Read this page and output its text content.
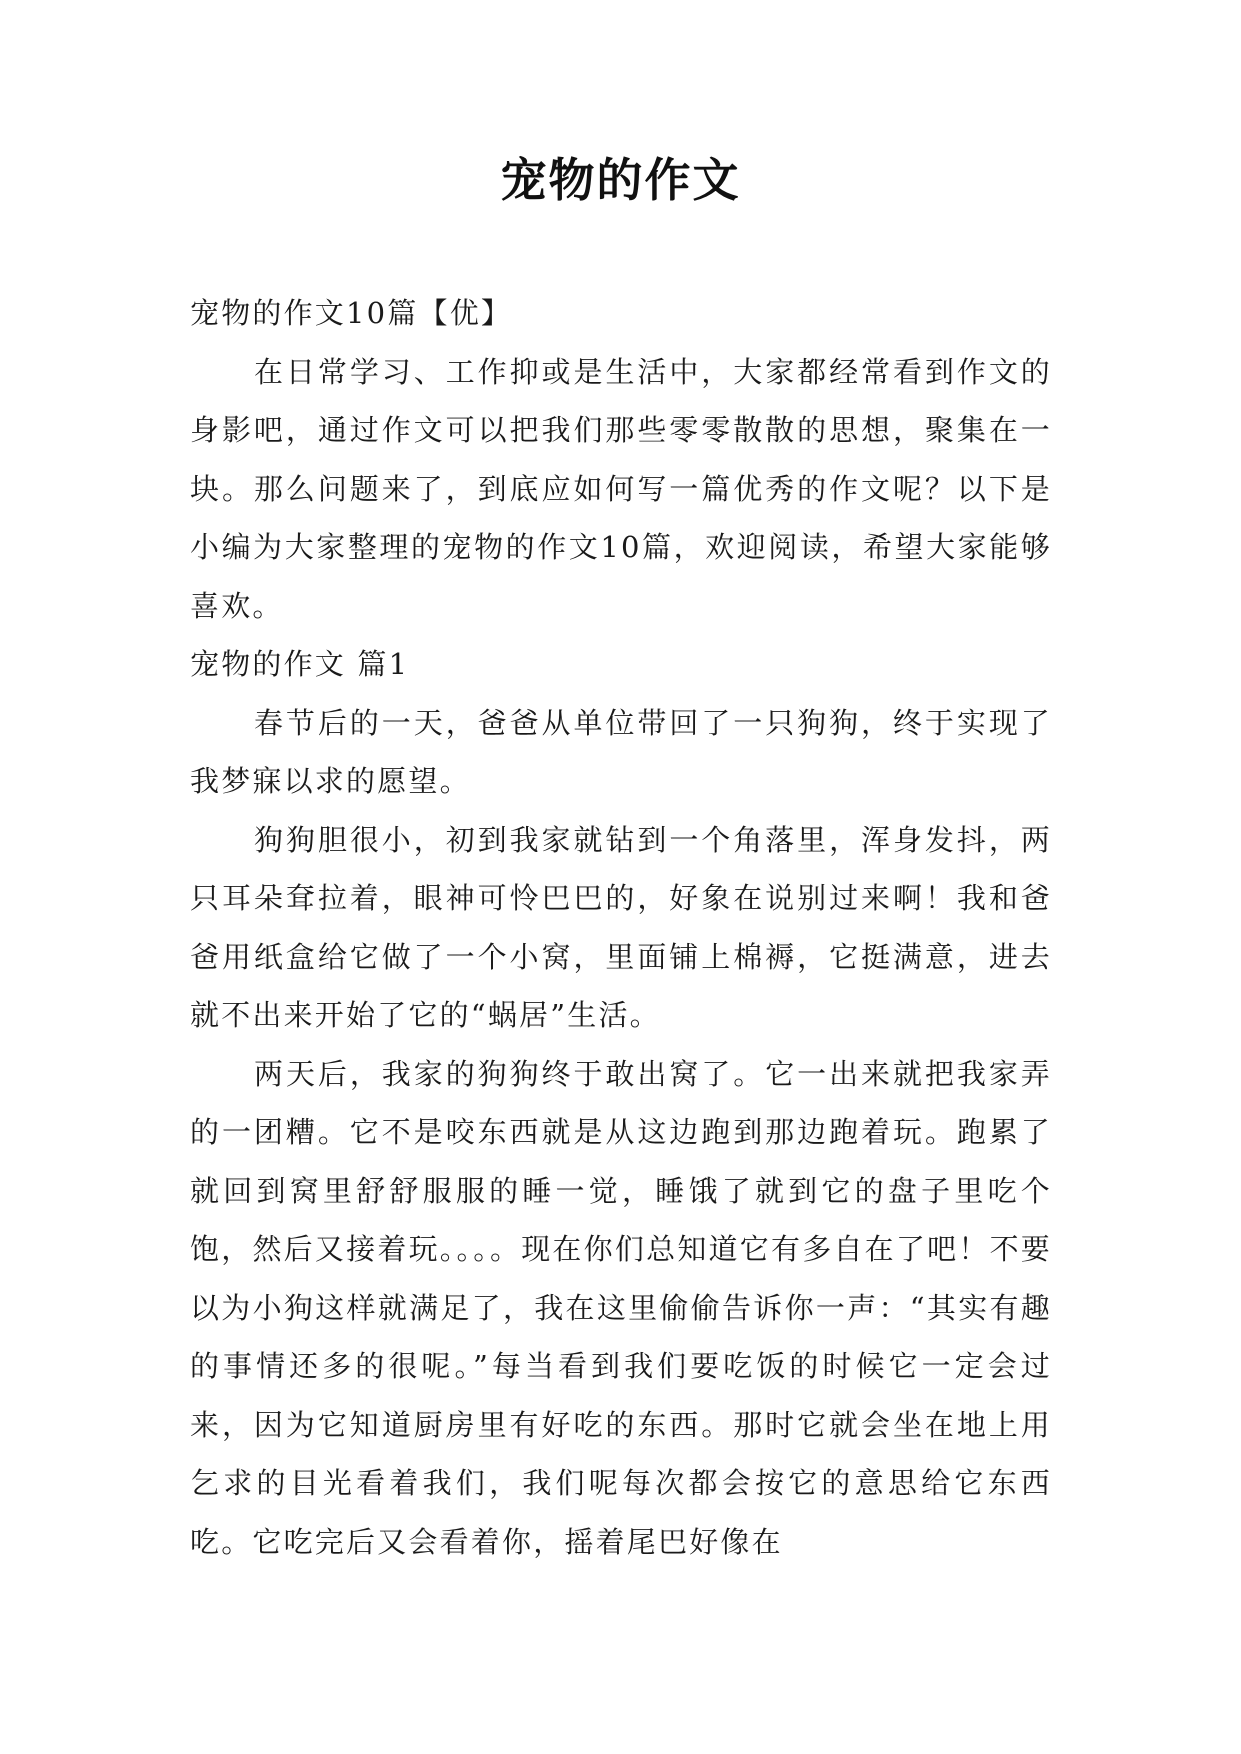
宠物的作文

宠物的作文10篇【优】

在日常学习、工作抑或是生活中，大家都经常看到作文的身影吧，通过作文可以把我们那些零零散散的思想，聚集在一块。那么问题来了，到底应如何写一篇优秀的作文呢？以下是小编为大家整理的宠物的作文10篇，欢迎阅读，希望大家能够喜欢。

宠物的作文 篇1

春节后的一天，爸爸从单位带回了一只狗狗，终于实现了我梦寐以求的愿望。

狗狗胆很小，初到我家就钻到一个角落里，浑身发抖，两只耳朵耷拉着，眼神可怜巴巴的，好象在说别过来啊！我和爸爸用纸盒给它做了一个小窝，里面铺上棉褥，它挺满意，进去就不出来开始了它的“蜗居”生活。

两天后，我家的狗狗终于敢出窝了。它一出来就把我家弄的一团糟。它不是咬东西就是从这边跑到那边跑着玩。跑累了就回到窝里舒舒服服的睡一觉，睡饿了就到它的盘子里吃个饱，然后又接着玩。。。。现在你们总知道它有多自在了吧！不要以为小狗这样就满足了，我在这里偷偷告诉你一声：“其实有趣的事情还多的很呢。”每当看到我们要吃饭的时候它一定会过来，因为它知道厨房里有好吃的东西。那时它就会坐在地上用乞求的目光看着我们，我们呢每次都会按它的意思给它东西吃。它吃完后又会看着你，摇着尾巴好像在
